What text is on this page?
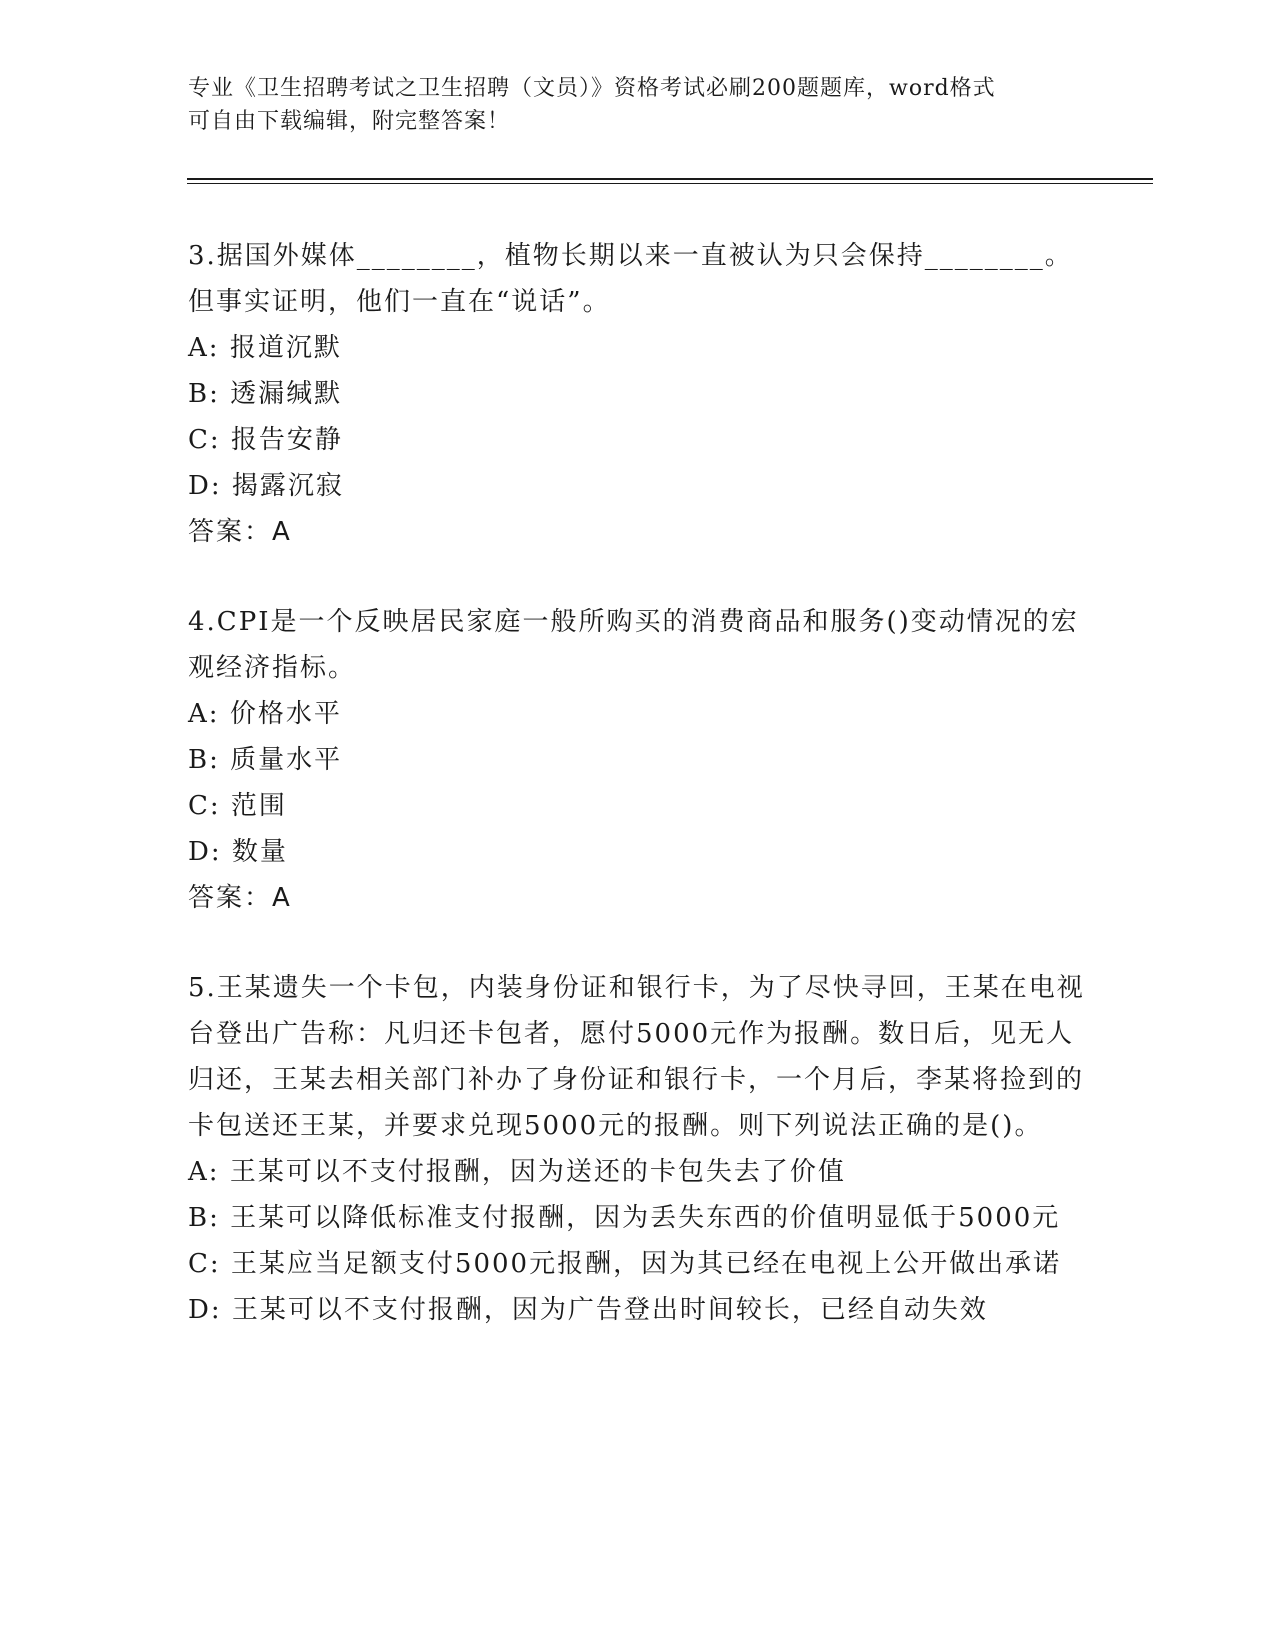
专业《卫生招聘考试之卫生招聘（文员）》资格考试必刷200题题库，word格式
可自由下载编辑，附完整答案！

3.据国外媒体________，植物长期以来一直被认为只会保持________。但事实证明，他们一直在“说话”。

A:
报道沉默
B:
透漏缄默
C:
报告安静
D:
揭露沉寂

答案：A

4.CPI是一个反映居民家庭一般所购买的消费商品和服务()变动情况的宏观经济指标。

A:
价格水平
B:
质量水平
C:
范围
D:
数量

答案：A

5.王某遗失一个卡包，内装身份证和银行卡，为了尽快寻回，王某在电视台登出广告称：凡归还卡包者，愿付5000元作为报酬。数日后，见无人归还，王某去相关部门补办了身份证和银行卡，一个月后，李某将捡到的卡包送还王某，并要求兑现5000元的报酬。则下列说法正确的是()。

A:
王某可以不支付报酬，因为送还的卡包失去了价值
B:
王某可以降低标准支付报酬，因为丢失东西的价值明显低于5000元
C:
王某应当足额支付5000元报酬，因为其已经在电视上公开做出承诺
D:
王某可以不支付报酬，因为广告登出时间较长，已经自动失效
